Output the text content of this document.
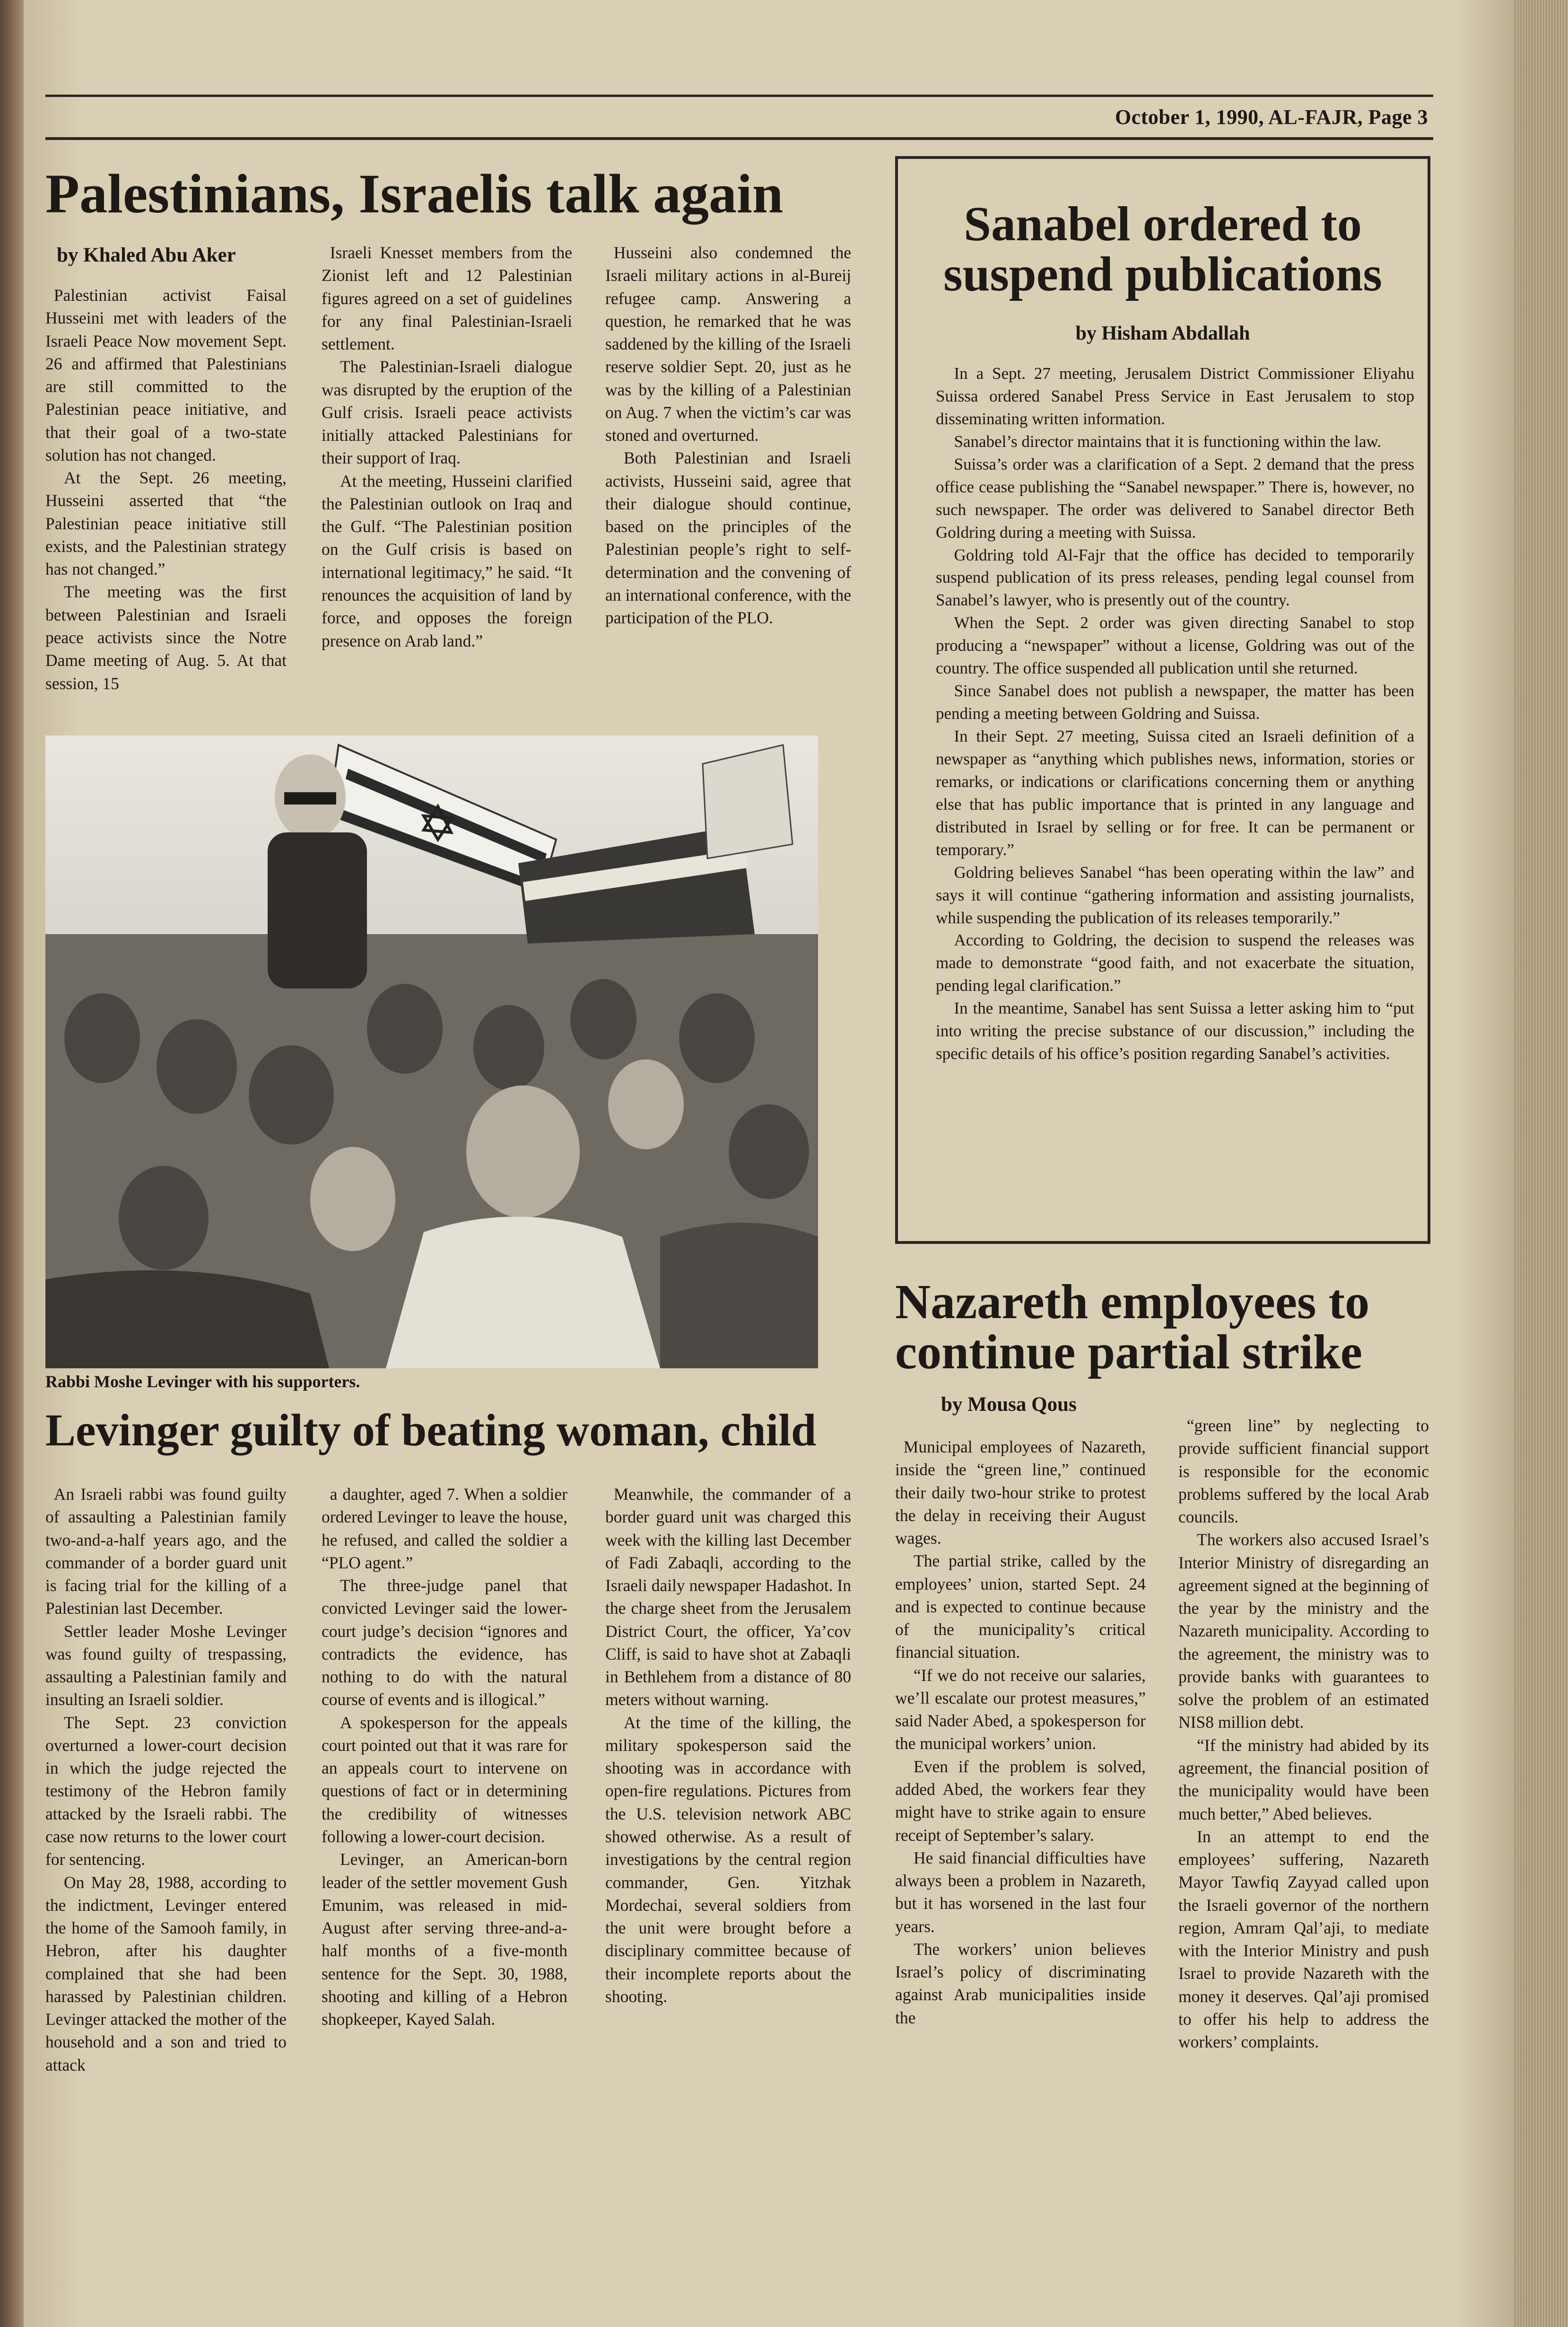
October 1, 1990, AL-FAJR, Page 3
Palestinians, Israelis talk again
by Khaled Abu Aker

Palestinian activist Faisal Husseini met with leaders of the Israeli Peace Now movement Sept. 26 and affirmed that Palestinians are still committed to the Palestinian peace initiative, and that their goal of a two-state solution has not changed.

At the Sept. 26 meeting, Husseini asserted that “the Palestinian peace initiative still exists, and the Palestinian strategy has not changed.”

The meeting was the first between Palestinian and Israeli peace activists since the Notre Dame meeting of Aug. 5. At that session, 15

Israeli Knesset members from the Zionist left and 12 Palestinian figures agreed on a set of guidelines for any final Palestinian-Israeli settlement.

The Palestinian-Israeli dialogue was disrupted by the eruption of the Gulf crisis. Israeli peace activists initially attacked Palestinians for their support of Iraq.

At the meeting, Husseini clarified the Palestinian outlook on Iraq and the Gulf. “The Palestinian position on the Gulf crisis is based on international legitimacy,” he said. “It renounces the acquisition of land by force, and opposes the foreign presence on Arab land.”

Husseini also condemned the Israeli military actions in al-Bureij refugee camp. Answering a question, he remarked that he was saddened by the killing of the Israeli reserve soldier Sept. 20, just as he was by the killing of a Palestinian on Aug. 7 when the victim’s car was stoned and overturned.

Both Palestinian and Israeli activists, Husseini said, agree that their dialogue should continue, based on the principles of the Palestinian people’s right to self-determination and the convening of an international conference, with the participation of the PLO.

Rabbi Moshe Levinger with his supporters.
Sanabel ordered to suspend publications
by Hisham Abdallah

In a Sept. 27 meeting, Jerusalem District Commissioner Eliyahu Suissa ordered Sanabel Press Service in East Jerusalem to stop disseminating written information.

Sanabel’s director maintains that it is functioning within the law.

Suissa’s order was a clarification of a Sept. 2 demand that the press office cease publishing the “Sanabel newspaper.” There is, however, no such newspaper. The order was delivered to Sanabel director Beth Goldring during a meeting with Suissa.

Goldring told Al-Fajr that the office has decided to temporarily suspend publication of its press releases, pending legal counsel from Sanabel’s lawyer, who is presently out of the country.

When the Sept. 2 order was given directing Sanabel to stop producing a “newspaper” without a license, Goldring was out of the country. The office suspended all publication until she returned.

Since Sanabel does not publish a newspaper, the matter has been pending a meeting between Goldring and Suissa.

In their Sept. 27 meeting, Suissa cited an Israeli definition of a newspaper as “anything which publishes news, information, stories or remarks, or indications or clarifications concerning them or anything else that has public importance that is printed in any language and distributed in Israel by selling or for free. It can be permanent or temporary.”

Goldring believes Sanabel “has been operating within the law” and says it will continue “gathering information and assisting journalists, while suspending the publication of its releases temporarily.”

According to Goldring, the decision to suspend the releases was made to demonstrate “good faith, and not exacerbate the situation, pending legal clarification.”

In the meantime, Sanabel has sent Suissa a letter asking him to “put into writing the precise substance of our discussion,” including the specific details of his office’s position regarding Sanabel’s activities.

Levinger guilty of beating woman, child

An Israeli rabbi was found guilty of assaulting a Palestinian family two-and-a-half years ago, and the commander of a border guard unit is facing trial for the killing of a Palestinian last December.

Settler leader Moshe Levinger was found guilty of trespassing, assaulting a Palestinian family and insulting an Israeli soldier.

The Sept. 23 conviction overturned a lower-court decision in which the judge rejected the testimony of the Hebron family attacked by the Israeli rabbi. The case now returns to the lower court for sentencing.

On May 28, 1988, according to the indictment, Levinger entered the home of the Samooh family, in Hebron, after his daughter complained that she had been harassed by Palestinian children. Levinger attacked the mother of the household and a son and tried to attack

a daughter, aged 7. When a soldier ordered Levinger to leave the house, he refused, and called the soldier a “PLO agent.”

The three-judge panel that convicted Levinger said the lower-court judge’s decision “ignores and contradicts the evidence, has nothing to do with the natural course of events and is illogical.”

A spokesperson for the appeals court pointed out that it was rare for an appeals court to intervene on questions of fact or in determining the credibility of witnesses following a lower-court decision.

Levinger, an American-born leader of the settler movement Gush Emunim, was released in mid-August after serving three-and-a-half months of a five-month sentence for the Sept. 30, 1988, shooting and killing of a Hebron shopkeeper, Kayed Salah.

Meanwhile, the commander of a border guard unit was charged this week with the killing last December of Fadi Zabaqli, according to the Israeli daily newspaper Hadashot. In the charge sheet from the Jerusalem District Court, the officer, Ya’cov Cliff, is said to have shot at Zabaqli in Bethlehem from a distance of 80 meters without warning.

At the time of the killing, the military spokesperson said the shooting was in accordance with open-fire regulations. Pictures from the U.S. television network ABC showed otherwise. As a result of investigations by the central region commander, Gen. Yitzhak Mordechai, several soldiers from the unit were brought before a disciplinary committee because of their incomplete reports about the shooting.

Nazareth employees to continue partial strike
by Mousa Qous

Municipal employees of Nazareth, inside the “green line,” continued their daily two-hour strike to protest the delay in receiving their August wages.

The partial strike, called by the employees’ union, started Sept. 24 and is expected to continue because of the municipality’s critical financial situation.

“If we do not receive our salaries, we’ll escalate our protest measures,” said Nader Abed, a spokesperson for the municipal workers’ union.

Even if the problem is solved, added Abed, the workers fear they might have to strike again to ensure receipt of September’s salary.

He said financial difficulties have always been a problem in Nazareth, but it has worsened in the last four years.

The workers’ union believes Israel’s policy of discriminating against Arab municipalities inside the

“green line” by neglecting to provide sufficient financial support is responsible for the economic problems suffered by the local Arab councils.

The workers also accused Israel’s Interior Ministry of disregarding an agreement signed at the beginning of the year by the ministry and the Nazareth municipality. According to the agreement, the ministry was to provide banks with guarantees to solve the problem of an estimated NIS8 million debt.

“If the ministry had abided by its agreement, the financial position of the municipality would have been much better,” Abed believes.

In an attempt to end the employees’ suffering, Nazareth Mayor Tawfiq Zayyad called upon the Israeli governor of the northern region, Amram Qal’aji, to mediate with the Interior Ministry and push Israel to provide Nazareth with the money it deserves. Qal’aji promised to offer his help to address the workers’ complaints.
